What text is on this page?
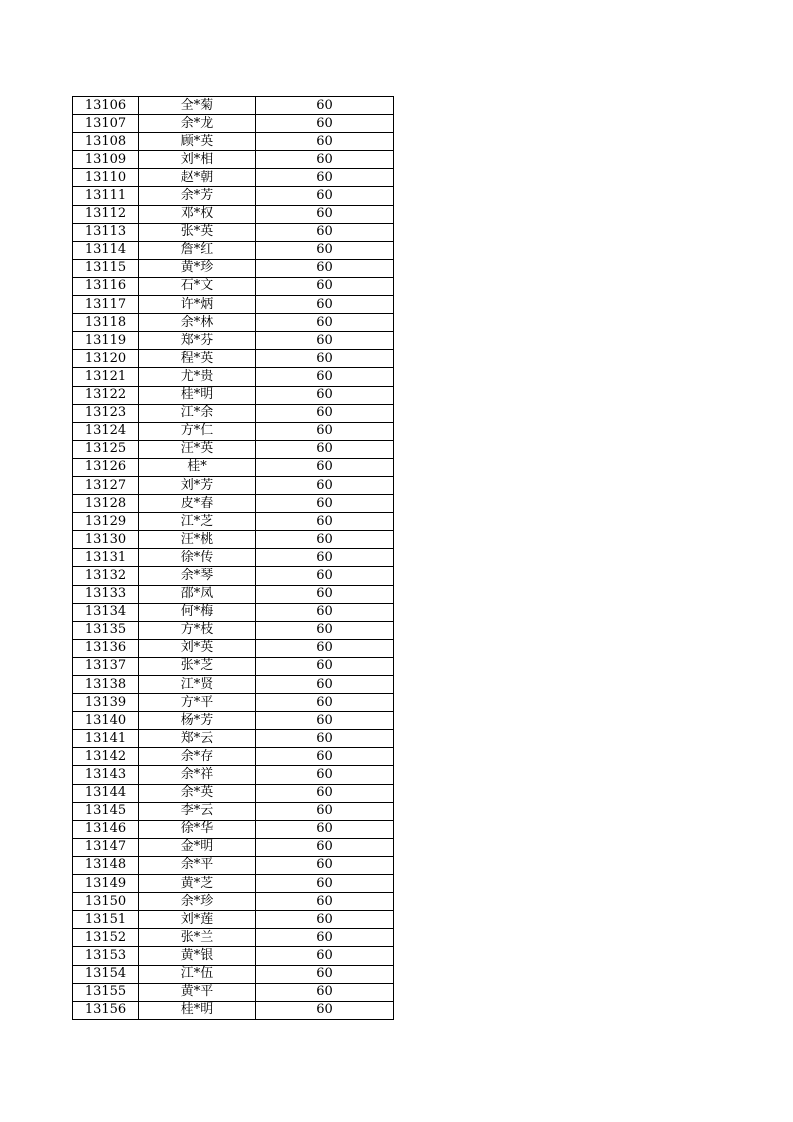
13106	全*菊	60
13107	余*龙	60
13108	顾*英	60
13109	刘*相	60
13110	赵*朝	60
13111	余*芳	60
13112	邓*权	60
13113	张*英	60
13114	詹*红	60
13115	黄*珍	60
13116	石*文	60
13117	许*炳	60
13118	余*林	60
13119	郑*芬	60
13120	程*英	60
13121	尤*贵	60
13122	桂*明	60
13123	江*余	60
13124	方*仁	60
13125	汪*英	60
13126	桂*	60
13127	刘*芳	60
13128	皮*春	60
13129	江*芝	60
13130	汪*桃	60
13131	徐*传	60
13132	余*琴	60
13133	邵*凤	60
13134	何*梅	60
13135	方*枝	60
13136	刘*英	60
13137	张*芝	60
13138	江*贤	60
13139	方*平	60
13140	杨*芳	60
13141	郑*云	60
13142	余*存	60
13143	余*祥	60
13144	余*英	60
13145	李*云	60
13146	徐*华	60
13147	金*明	60
13148	余*平	60
13149	黄*芝	60
13150	余*珍	60
13151	刘*莲	60
13152	张*兰	60
13153	黄*银	60
13154	江*伍	60
13155	黄*平	60
13156	桂*明	60
